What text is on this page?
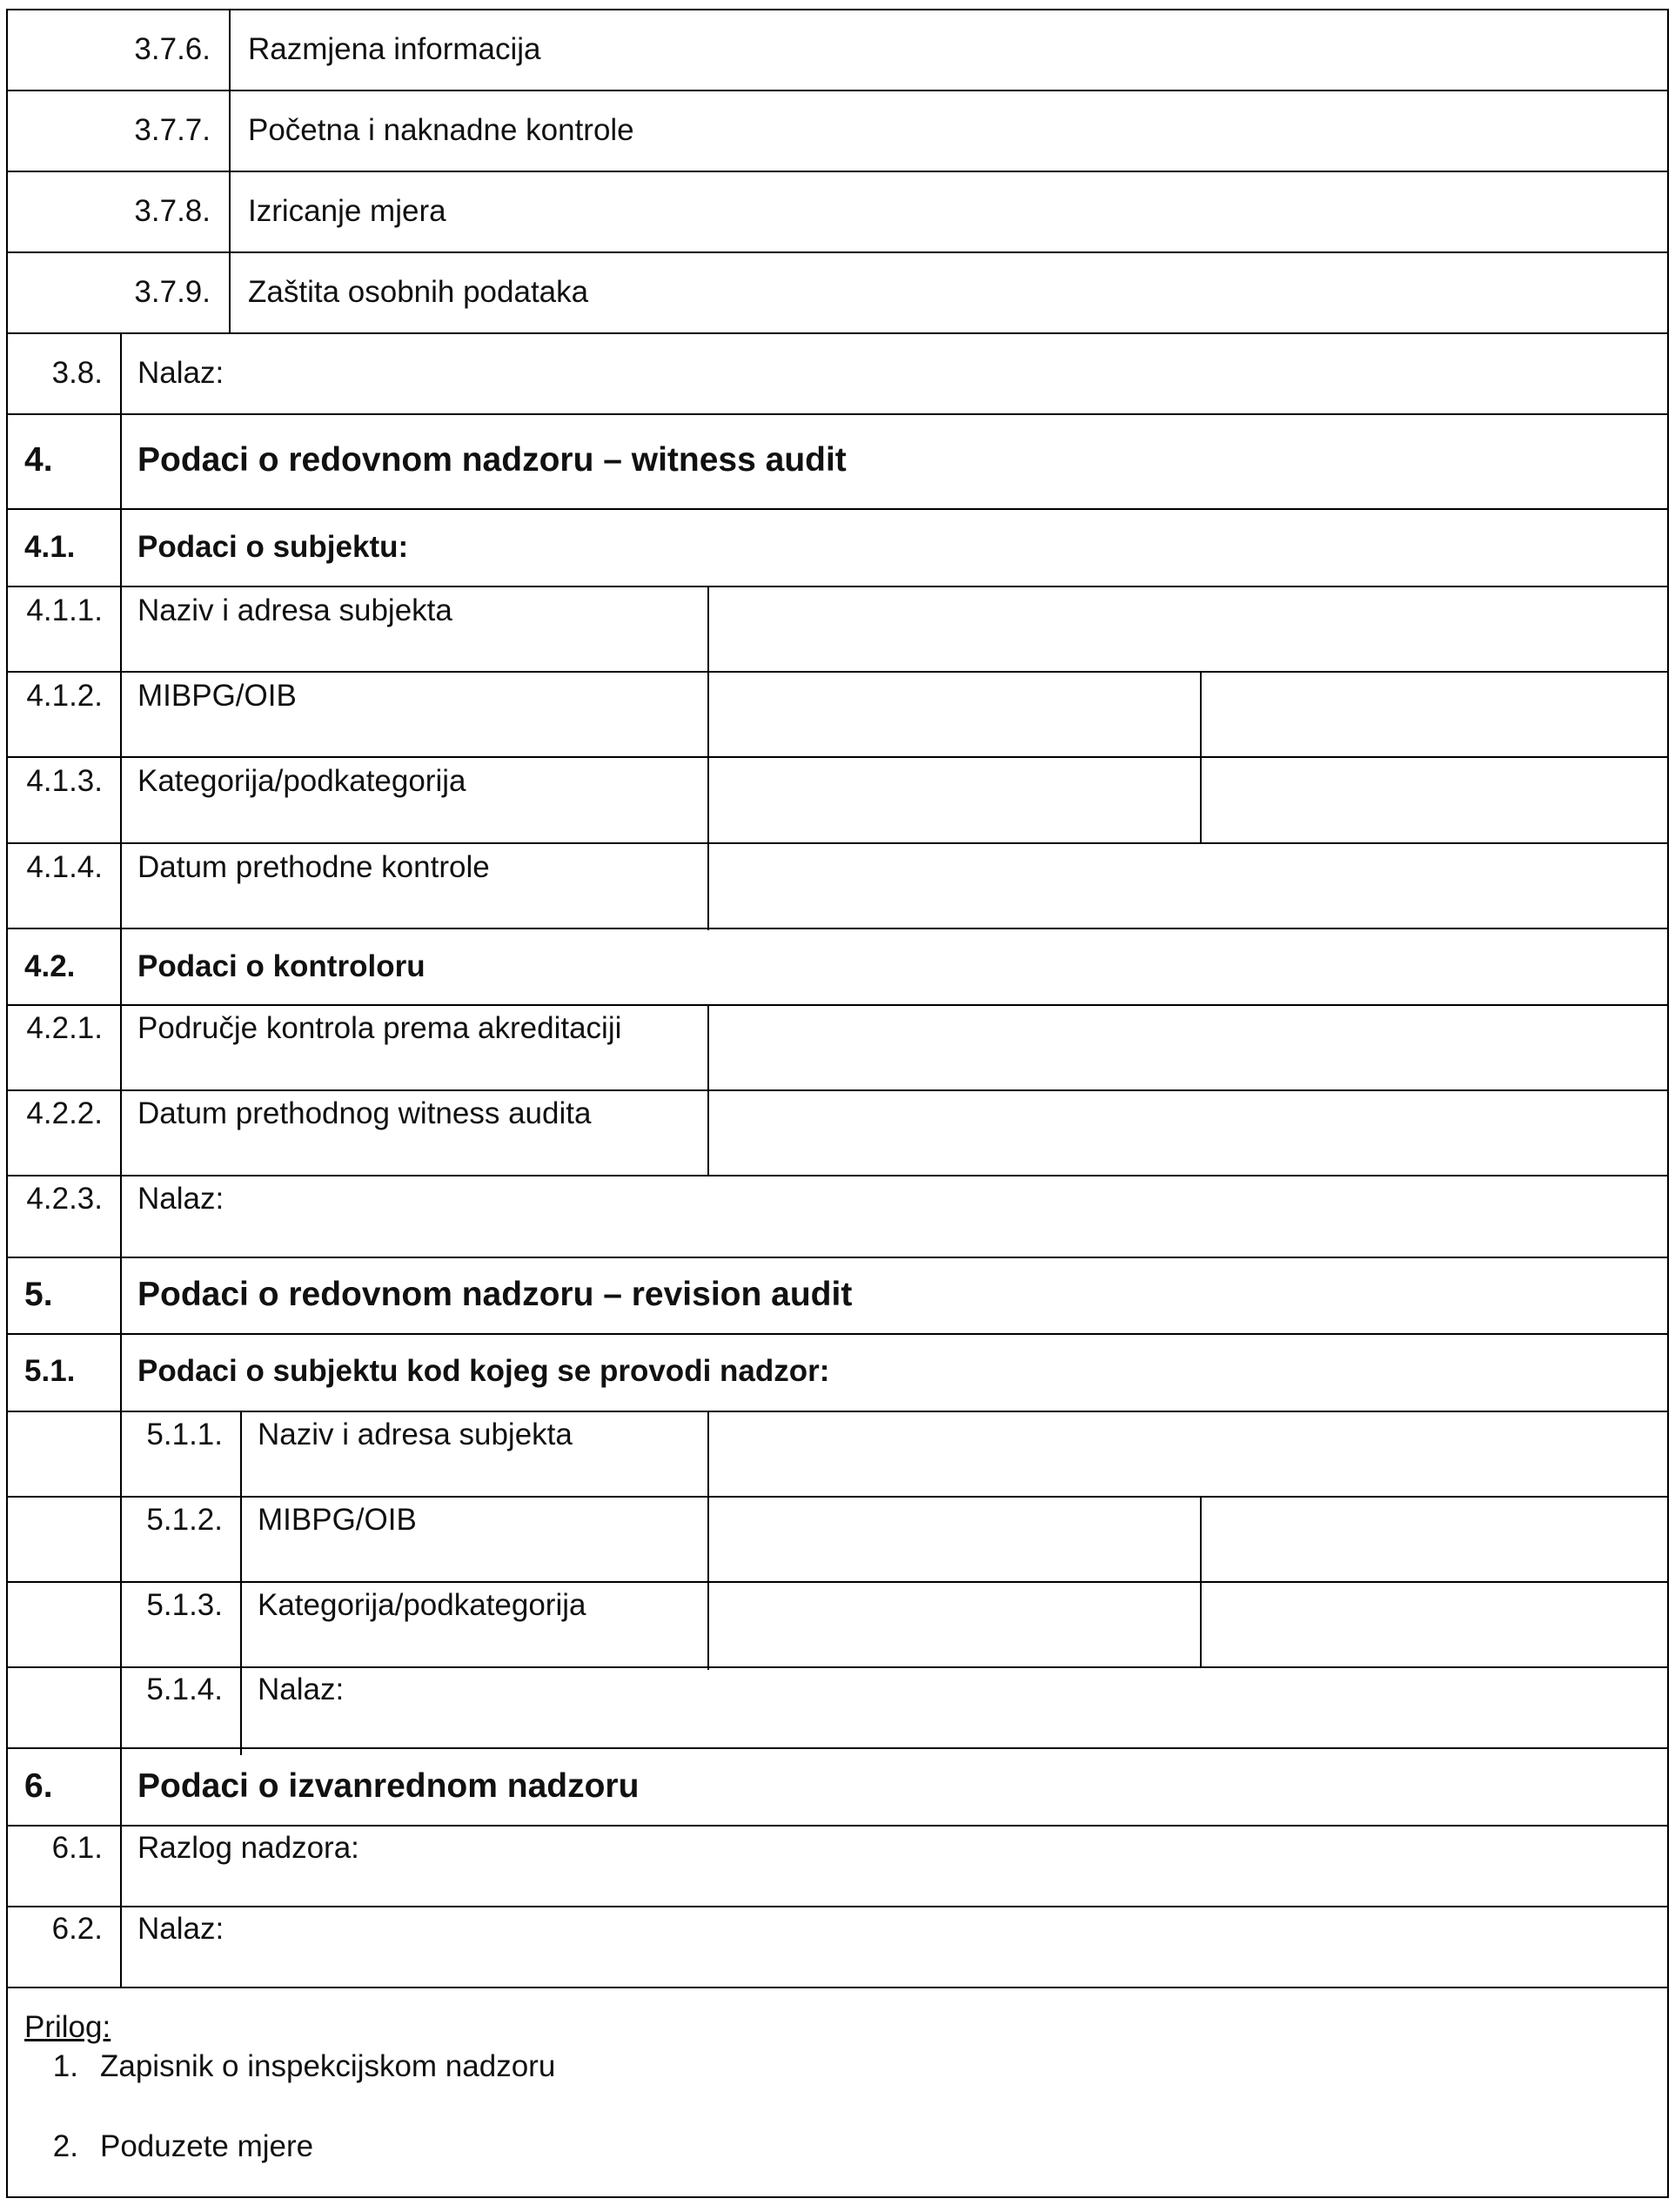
3.7.6. Razmjena informacija
3.7.7. Početna i naknadne kontrole
3.7.8. Izricanje mjera
3.7.9. Zaštita osobnih podataka
3.8. Nalaz:
4. Podaci o redovnom nadzoru – witness audit
4.1. Podaci o subjektu:
4.1.1. Naziv i adresa subjekta
4.1.2. MIBPG/OIB
4.1.3. Kategorija/podkategorija
4.1.4. Datum prethodne kontrole
4.2. Podaci o kontroloru
4.2.1. Područje kontrola prema akreditaciji
4.2.2. Datum prethodnog witness audita
4.2.3. Nalaz:
5. Podaci o redovnom nadzoru – revision audit
5.1. Podaci o subjektu kod kojeg se provodi nadzor:
5.1.1. Naziv i adresa subjekta
5.1.2. MIBPG/OIB
5.1.3. Kategorija/podkategorija
5.1.4. Nalaz:
6. Podaci o izvanrednom nadzoru
6.1. Razlog nadzora:
6.2. Nalaz:
Prilog:
1. Zapisnik o inspekcijskom nadzoru
2. Poduzete mjere
